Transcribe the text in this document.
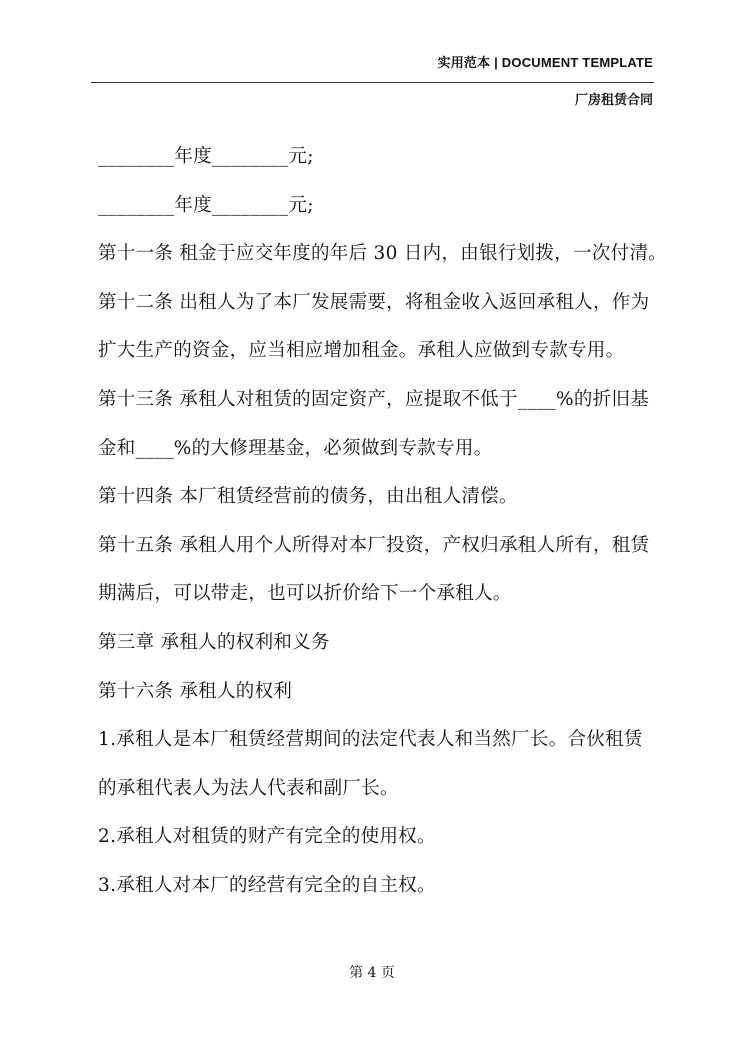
实用范本 | DOCUMENT TEMPLATE
厂房租赁合同
________年度________元;
________年度________元;
第十一条 租金于应交年度的年后 30 日内，由银行划拨，一次付清。
第十二条 出租人为了本厂发展需要，将租金收入返回承租人，作为
扩大生产的资金，应当相应增加租金。承租人应做到专款专用。
第十三条 承租人对租赁的固定资产，应提取不低于____%的折旧基
金和____%的大修理基金，必须做到专款专用。
第十四条 本厂租赁经营前的债务，由出租人清偿。
第十五条 承租人用个人所得对本厂投资，产权归承租人所有，租赁
期满后，可以带走，也可以折价给下一个承租人。
第三章 承租人的权利和义务
第十六条 承租人的权利
1.承租人是本厂租赁经营期间的法定代表人和当然厂长。合伙租赁
的承租代表人为法人代表和副厂长。
2.承租人对租赁的财产有完全的使用权。
3.承租人对本厂的经营有完全的自主权。
第 4 页
